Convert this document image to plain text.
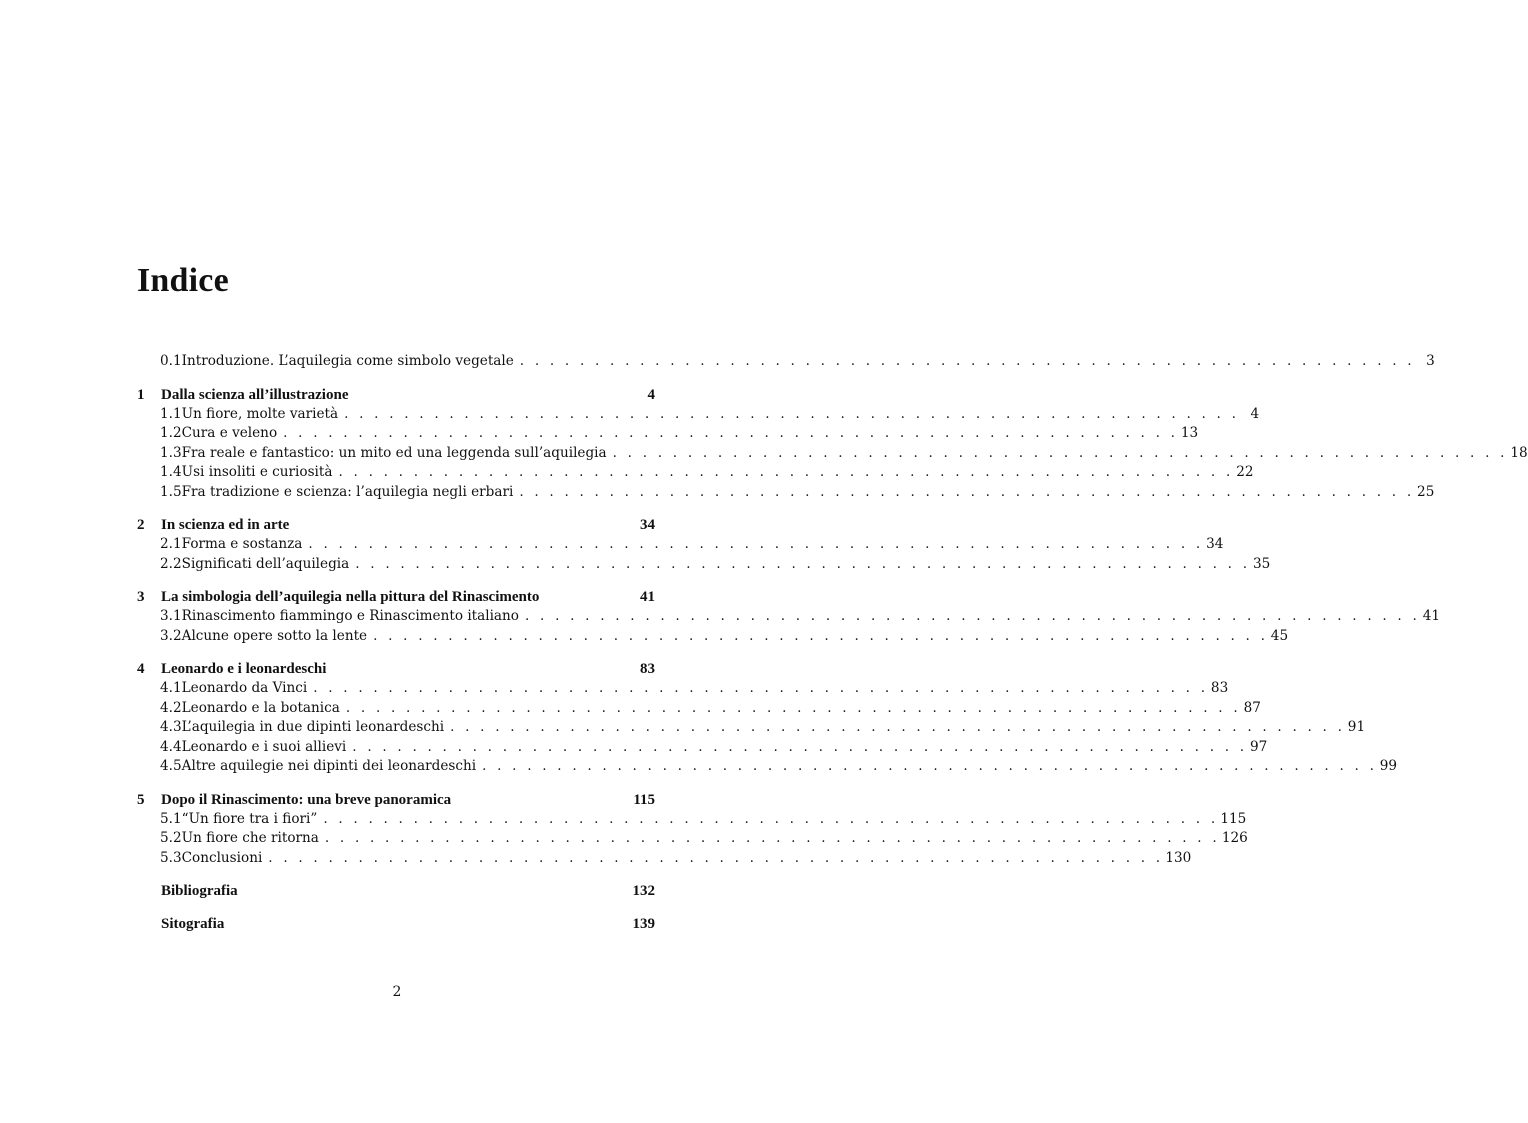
Indice
0.1 Introduzione. L’aquilegia come simbolo vegetale . . . . . . . . . . . . . . . . . . . . . . . . . . . . . . . . . . . . . . . . . . . . . . . . . . . . . . . . . . . . 3
1	Dalla scienza all’illustrazione	4
1.1 Un fiore, molte varietà . . . . . . . . . . . . . . . . . . . . . . . . . . . . . . . . . . . . . . . . . . . . . . . . . . . . . . . . . . . . 4
1.2 Cura e veleno . . . . . . . . . . . . . . . . . . . . . . . . . . . . . . . . . . . . . . . . . . . . . . . . . . . . . . . . . . . . 13
1.3 Fra reale e fantastico: un mito ed una leggenda sull’aquilegia . . . . . . . . . . . . . . . . . . . . . . . . . . . . . . . . . . . . . . . . . . . . . . . . . . . . . . . . . . . . 18
1.4 Usi insoliti e curiosità . . . . . . . . . . . . . . . . . . . . . . . . . . . . . . . . . . . . . . . . . . . . . . . . . . . . . . . . . . . . 22
1.5 Fra tradizione e scienza: l’aquilegia negli erbari . . . . . . . . . . . . . . . . . . . . . . . . . . . . . . . . . . . . . . . . . . . . . . . . . . . . . . . . . . . . 25
2	In scienza ed in arte	34
2.1 Forma e sostanza . . . . . . . . . . . . . . . . . . . . . . . . . . . . . . . . . . . . . . . . . . . . . . . . . . . . . . . . . . . . 34
2.2 Significati dell’aquilegia . . . . . . . . . . . . . . . . . . . . . . . . . . . . . . . . . . . . . . . . . . . . . . . . . . . . . . . . . . . . 35
3	La simbologia dell’aquilegia nella pittura del Rinascimento	41
3.1 Rinascimento fiammingo e Rinascimento italiano . . . . . . . . . . . . . . . . . . . . . . . . . . . . . . . . . . . . . . . . . . . . . . . . . . . . . . . . . . . . 41
3.2 Alcune opere sotto la lente . . . . . . . . . . . . . . . . . . . . . . . . . . . . . . . . . . . . . . . . . . . . . . . . . . . . . . . . . . . . 45
4	Leonardo e i leonardeschi	83
4.1 Leonardo da Vinci . . . . . . . . . . . . . . . . . . . . . . . . . . . . . . . . . . . . . . . . . . . . . . . . . . . . . . . . . . . . 83
4.2 Leonardo e la botanica . . . . . . . . . . . . . . . . . . . . . . . . . . . . . . . . . . . . . . . . . . . . . . . . . . . . . . . . . . . . 87
4.3 L’aquilegia in due dipinti leonardeschi . . . . . . . . . . . . . . . . . . . . . . . . . . . . . . . . . . . . . . . . . . . . . . . . . . . . . . . . . . . . 91
4.4 Leonardo e i suoi allievi . . . . . . . . . . . . . . . . . . . . . . . . . . . . . . . . . . . . . . . . . . . . . . . . . . . . . . . . . . . . 97
4.5 Altre aquilegie nei dipinti dei leonardeschi . . . . . . . . . . . . . . . . . . . . . . . . . . . . . . . . . . . . . . . . . . . . . . . . . . . . . . . . . . . . 99
5	Dopo il Rinascimento: una breve panoramica	115
5.1 “Un fiore tra i fiori” . . . . . . . . . . . . . . . . . . . . . . . . . . . . . . . . . . . . . . . . . . . . . . . . . . . . . . . . . . . . 115
5.2 Un fiore che ritorna . . . . . . . . . . . . . . . . . . . . . . . . . . . . . . . . . . . . . . . . . . . . . . . . . . . . . . . . . . . . 126
5.3 Conclusioni . . . . . . . . . . . . . . . . . . . . . . . . . . . . . . . . . . . . . . . . . . . . . . . . . . . . . . . . . . . . 130
Bibliografia	132
Sitografia	139
2
